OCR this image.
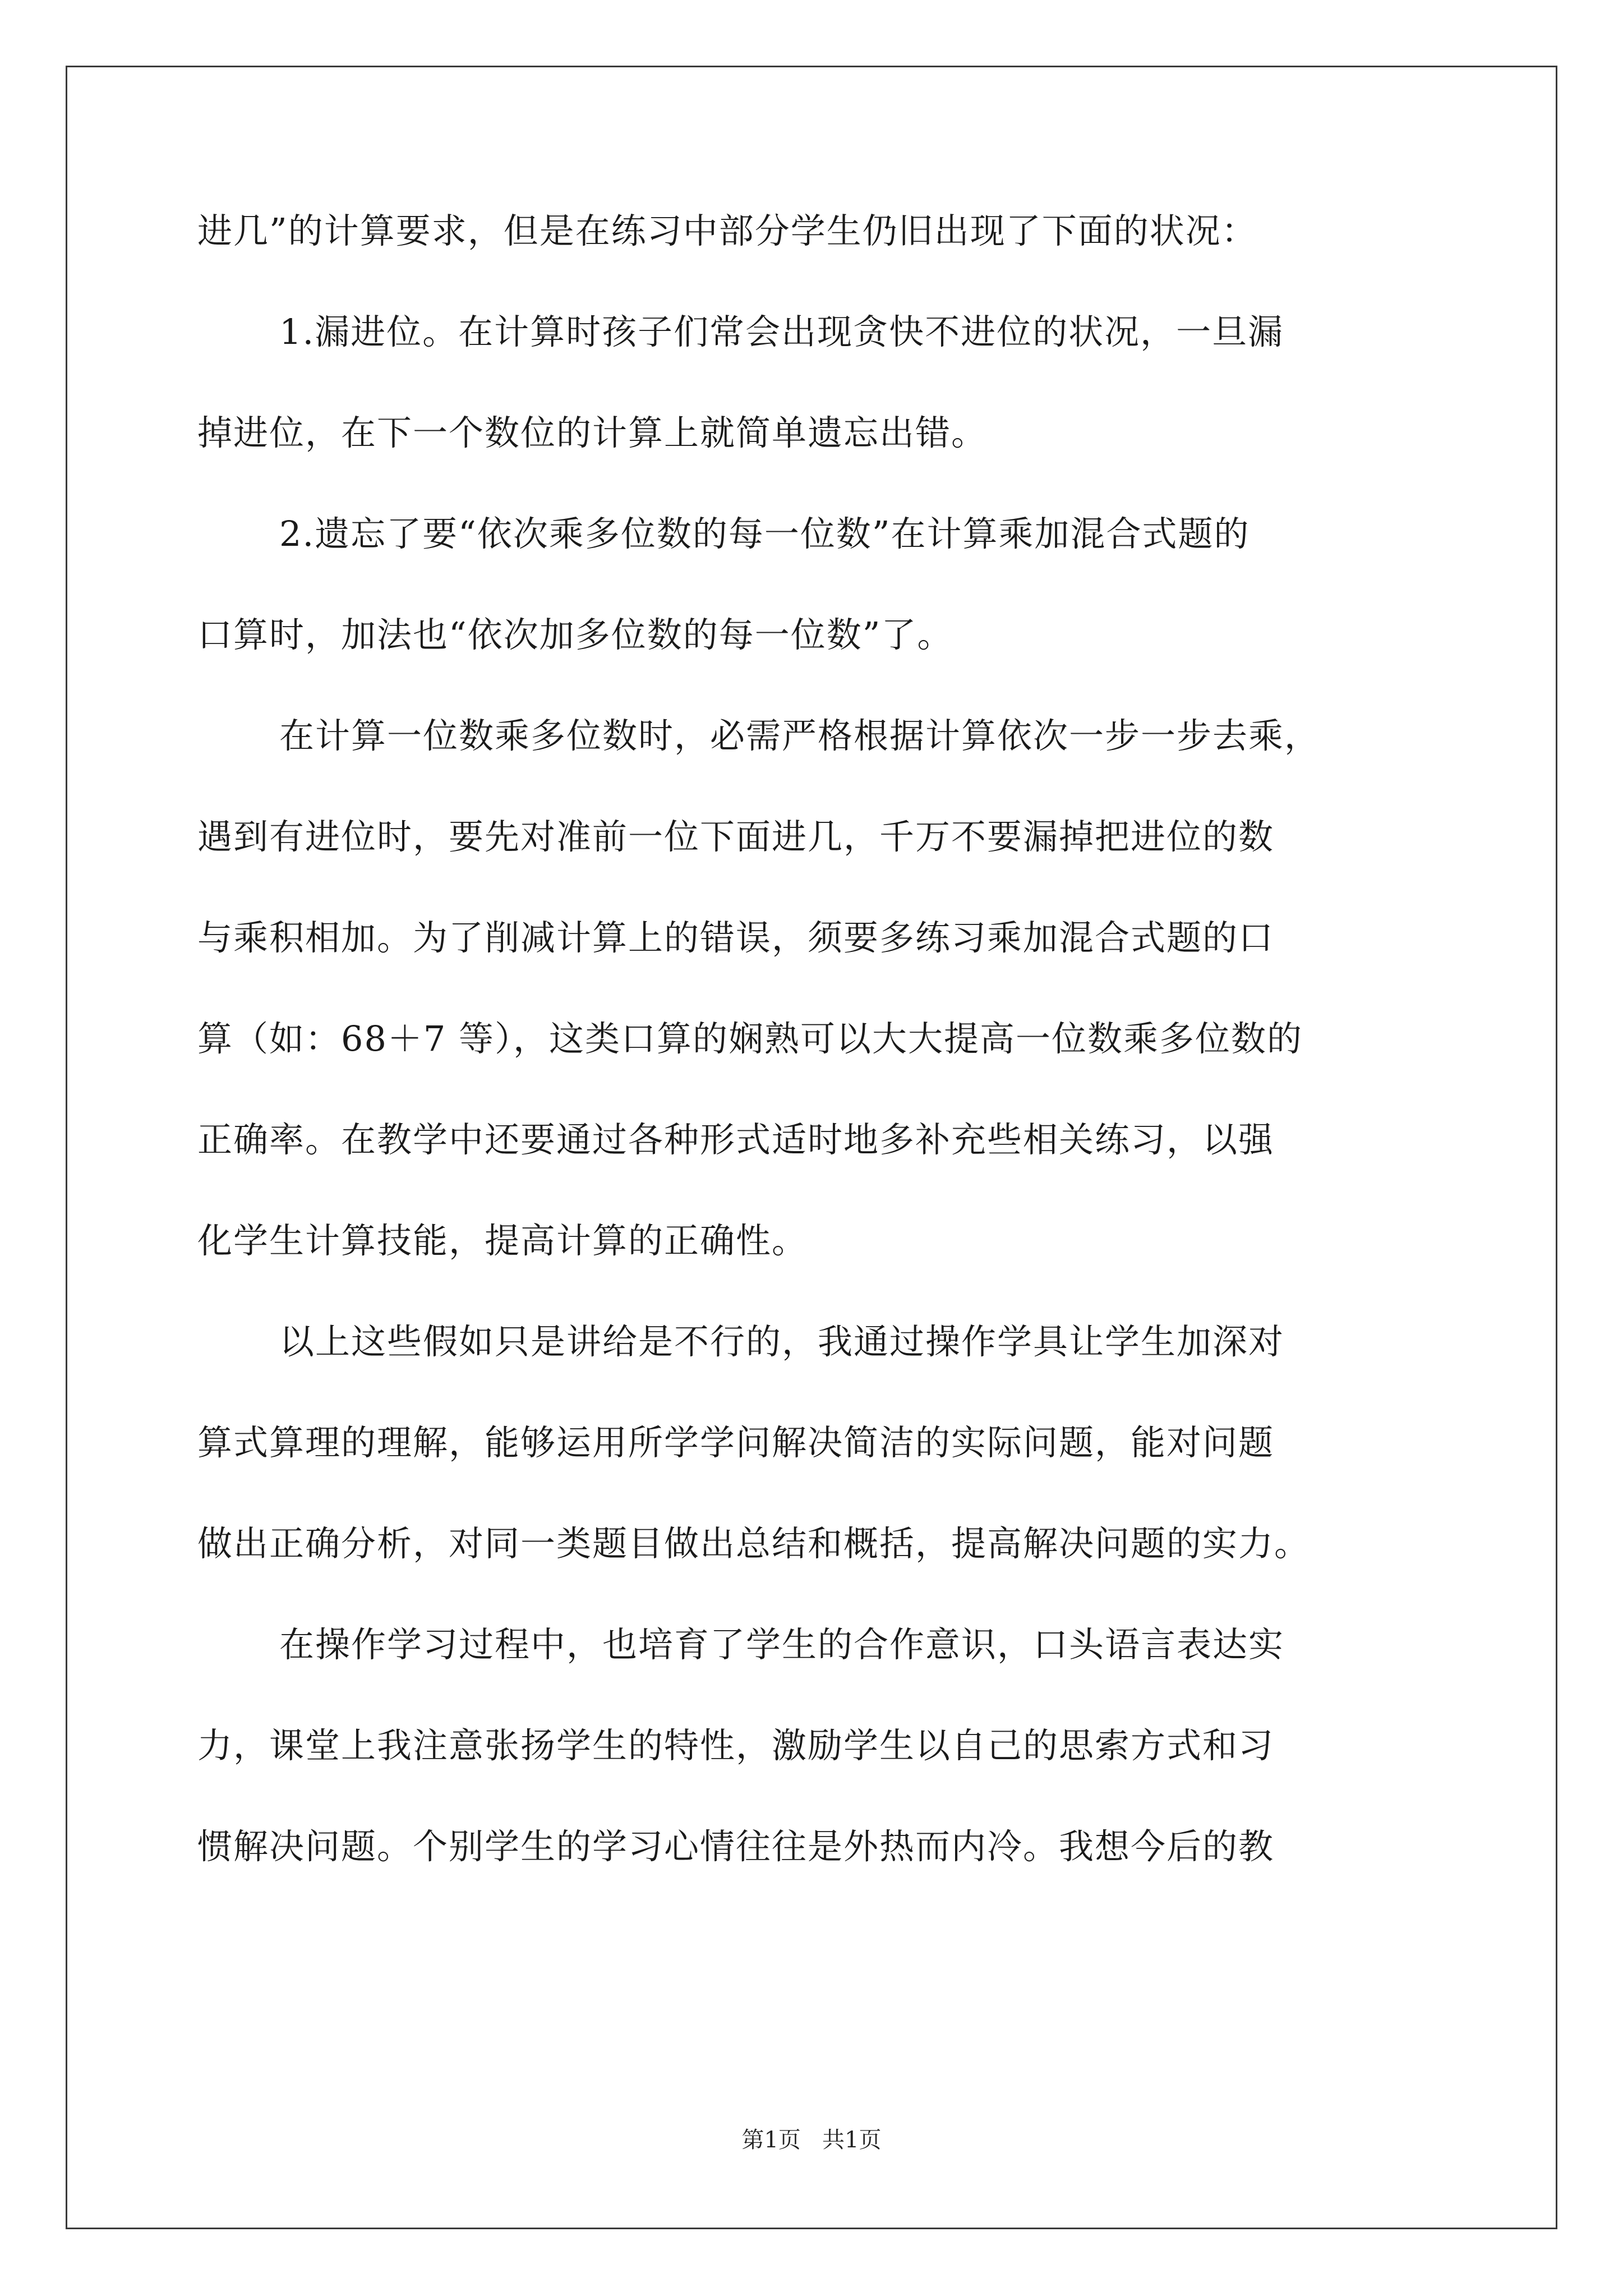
进几”的计算要求，但是在练习中部分学生仍旧出现了下面的状况：
1.漏进位。在计算时孩子们常会出现贪快不进位的状况，一旦漏
掉进位，在下一个数位的计算上就简单遗忘出错。
2.遗忘了要“依次乘多位数的每一位数”在计算乘加混合式题的
口算时，加法也“依次加多位数的每一位数”了。
在计算一位数乘多位数时，必需严格根据计算依次一步一步去乘，
遇到有进位时，要先对准前一位下面进几，千万不要漏掉把进位的数
与乘积相加。为了削减计算上的错误，须要多练习乘加混合式题的口
算（如：68＋7 等），这类口算的娴熟可以大大提高一位数乘多位数的
正确率。在教学中还要通过各种形式适时地多补充些相关练习，以强
化学生计算技能，提高计算的正确性。
以上这些假如只是讲给是不行的，我通过操作学具让学生加深对
算式算理的理解，能够运用所学学问解决简洁的实际问题，能对问题
做出正确分析，对同一类题目做出总结和概括，提高解决问题的实力。
在操作学习过程中，也培育了学生的合作意识，口头语言表达实
力，课堂上我注意张扬学生的特性，激励学生以自己的思索方式和习
惯解决问题。个别学生的学习心情往往是外热而内冷。我想今后的教
第1页   共1页
